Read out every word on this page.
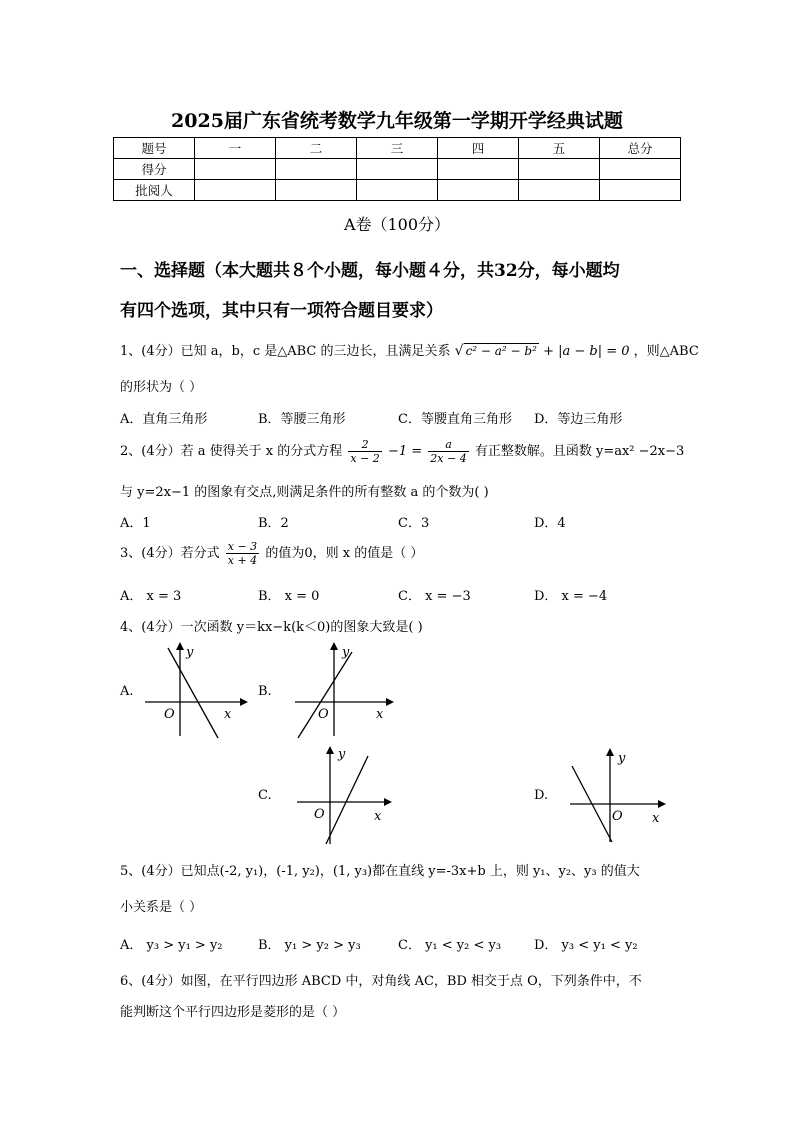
2025届广东省统考数学九年级第一学期开学经典试题
题号	一	二	三	四	五	总分
得分						
批阅人						
A卷（100分）
一、选择题（本大题共８个小题，每小题４分，共32分，每小题均
有四个选项，其中只有一项符合题目要求）
1、(4分）已知 a，b，c 是△ABC 的三边长，且满足关系 √ c² − a² − b² + |a − b| = 0 ，则△ABC
的形状为（ ）
A．直角三角形	B．等腰三角形	C．等腰直角三角形 D．等边三角形
2、(4分）若 a 使得关于 x 的分式方程 $\frac{2}{x - 2} -1 = \frac{a}{2x - 4}$ 有正整数解。且函数 y=ax² −2x−3
与 y=2x−1 的图象有交点,则满足条件的所有整数 a 的个数为( )
A．1	B．2	C．3	D．4
3、(4分）若分式 $\frac{x - 3}{x + 4}$ 的值为0，则 x 的值是（ ）
A． x = 3	B． x = 0	C． x = −3	D． x = −4
4、(4分）一次函数 y＝kx−k(k＜0)的图象大致是( )
A.	B.
C.	D.
y
x
O
y
x
O
y
x
O
y
x
O
5、(4分）已知点(-2, y₁)，(-1, y₂)，(1, y₃)都在直线 y=-3x+b 上，则 y₁、y₂、y₃ 的值大
小关系是（ ）
A． y₃ > y₁ > y₂	B． y₁ > y₂ > y₃	C． y₁ < y₂ < y₃	D． y₃ < y₁ < y₂
6、(4分）如图，在平行四边形 ABCD 中，对角线 AC，BD 相交于点 O，下列条件中，不
能判断这个平行四边形是菱形的是（ ）
